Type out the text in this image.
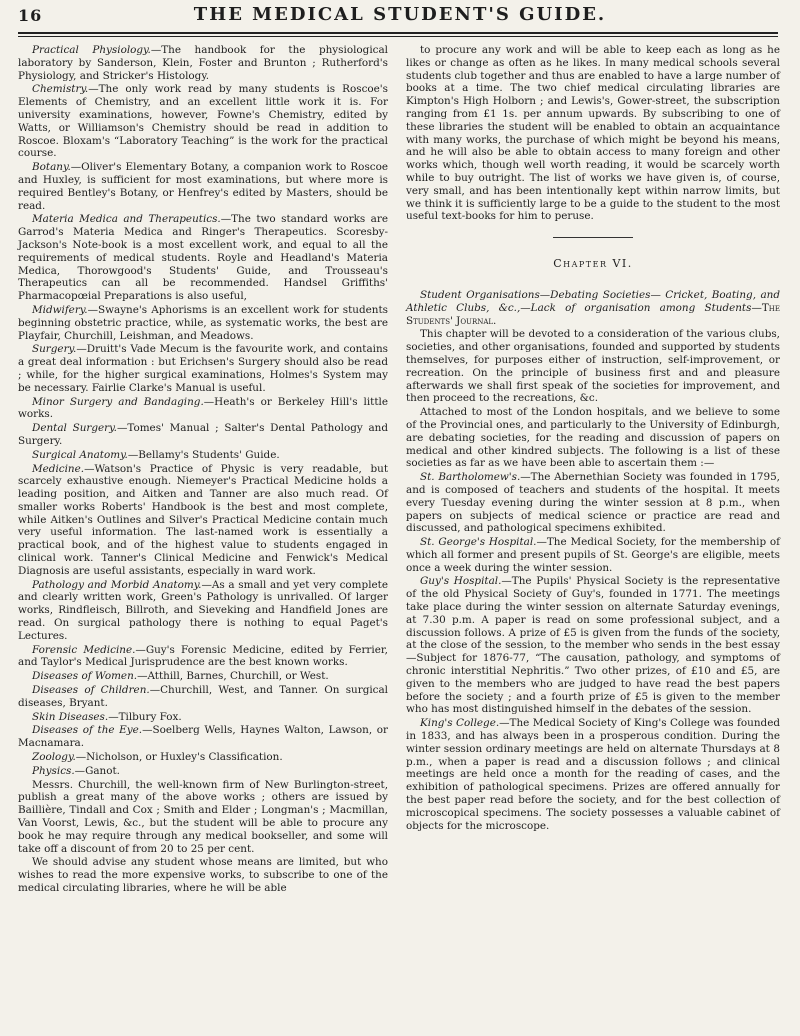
16	THE MEDICAL STUDENT'S GUIDE.

Practical Physiology.—The handbook for the physiological laboratory by Sanderson, Klein, Foster and Brunton ; Rutherford's Physiology, and Stricker's Histology.

Chemistry.—The only work read by many students is Roscoe's Elements of Chemistry, and an excellent little work it is. For university examinations, however, Fowne's Chemistry, edited by Watts, or Williamson's Chemistry should be read in addition to Roscoe. Bloxam's “Laboratory Teaching” is the work for the practical course.

Botany.—Oliver's Elementary Botany, a companion work to Roscoe and Huxley, is sufficient for most examinations, but where more is required Bentley's Botany, or Henfrey's edited by Masters, should be read.

Materia Medica and Therapeutics.—The two standard works are Garrod's Materia Medica and Ringer's Therapeutics. Scoresby-Jackson's Note-book is a most excellent work, and equal to all the requirements of medical students. Royle and Headland's Materia Medica, Thorowgood's Students' Guide, and Trousseau's Therapeutics can all be recommended. Handsel Griffiths' Pharmacopœial Preparations is also useful,

Midwifery.—Swayne's Aphorisms is an excellent work for students beginning obstetric practice, while, as systematic works, the best are Playfair, Churchill, Leishman, and Meadows.

Surgery.—Druitt's Vade Mecum is the favourite work, and contains a great deal information : but Erichsen's Surgery should also be read ; while, for the higher surgical examinations, Holmes's System may be necessary. Fairlie Clarke's Manual is useful.

Minor Surgery and Bandaging.—Heath's or Berkeley Hill's little works.

Dental Surgery.—Tomes' Manual ; Salter's Dental Pathology and Surgery.

Surgical Anatomy.—Bellamy's Students' Guide.

Medicine.—Watson's Practice of Physic is very readable, but scarcely exhaustive enough. Niemeyer's Practical Medicine holds a leading position, and Aitken and Tanner are also much read. Of smaller works Roberts' Handbook is the best and most complete, while Aitken's Outlines and Silver's Practical Medicine contain much very useful information. The last-named work is essentially a practical book, and of the highest value to students engaged in clinical work. Tanner's Clinical Medicine and Fenwick's Medical Diagnosis are useful assistants, especially in ward work.

Pathology and Morbid Anatomy.—As a small and yet very complete and clearly written work, Green's Pathology is unrivalled. Of larger works, Rindfleisch, Billroth, and Sieveking and Handfield Jones are read. On surgical pathology there is nothing to equal Paget's Lectures.

Forensic Medicine.—Guy's Forensic Medicine, edited by Ferrier, and Taylor's Medical Jurisprudence are the best known works.

Diseases of Women.—Atthill, Barnes, Churchill, or West.

Diseases of Children.—Churchill, West, and Tanner. On surgical diseases, Bryant.

Skin Diseases.—Tilbury Fox.

Diseases of the Eye.—Soelberg Wells, Haynes Walton, Lawson, or Macnamara.

Zoology.—Nicholson, or Huxley's Classification.

Physics.—Ganot.

Messrs. Churchill, the well-known firm of New Burlington-street, publish a great many of the above works ; others are issued by Baillière, Tindall and Cox ; Smith and Elder ; Longman's ; Macmillan, Van Voorst, Lewis, &c., but the student will be able to procure any book he may require through any medical bookseller, and some will take off a discount of from 20 to 25 per cent.

We should advise any student whose means are limited, but who wishes to read the more expensive works, to subscribe to one of the medical circulating libraries, where he will be able

to procure any work and will be able to keep each as long as he likes or change as often as he likes. In many medical schools several students club together and thus are enabled to have a large number of books at a time. The two chief medical circulating libraries are Kimpton's High Holborn ; and Lewis's, Gower-street, the subscription ranging from £1 1s. per annum upwards. By subscribing to one of these libraries the student will be enabled to obtain an acquaintance with many works, the purchase of which might be beyond his means, and he will also be able to obtain access to many foreign and other works which, though well worth reading, it would be scarcely worth while to buy outright. The list of works we have given is, of course, very small, and has been intentionally kept within narrow limits, but we think it is sufficiently large to be a guide to the student to the most useful text-books for him to peruse.

Chapter VI.

Student Organisations—Debating Societies— Cricket, Boating, and Athletic Clubs, &c.,—Lack of organisation among Students—The Students' Journal.

This chapter will be devoted to a consideration of the various clubs, societies, and other organisations, founded and supported by students themselves, for purposes either of instruction, self-improvement, or recreation. On the principle of business first and and pleasure afterwards we shall first speak of the societies for improvement, and then proceed to the recreations, &c.

Attached to most of the London hospitals, and we believe to some of the Provincial ones, and particularly to the University of Edinburgh, are debating societies, for the reading and discussion of papers on medical and other kindred subjects. The following is a list of these societies as far as we have been able to ascertain them :—

St. Bartholomew's.—The Abernethian Society was founded in 1795, and is composed of teachers and students of the hospital. It meets every Tuesday evening during the winter session at 8 p.m., when papers on subjects of medical science or practice are read and discussed, and pathological specimens exhibited.

St. George's Hospital.—The Medical Society, for the membership of which all former and present pupils of St. George's are eligible, meets once a week during the winter session.

Guy's Hospital.—The Pupils' Physical Society is the representative of the old Physical Society of Guy's, founded in 1771. The meetings take place during the winter session on alternate Saturday evenings, at 7.30 p.m. A paper is read on some professional subject, and a discussion follows. A prize of £5 is given from the funds of the society, at the close of the session, to the member who sends in the best essay—Subject for 1876-77, “The causation, pathology, and symptoms of chronic interstitial Nephritis.” Two other prizes, of £10 and £5, are given to the members who are judged to have read the best papers before the society ; and a fourth prize of £5 is given to the member who has most distinguished himself in the debates of the session.

King's College.—The Medical Society of King's College was founded in 1833, and has always been in a prosperous condition. During the winter session ordinary meetings are held on alternate Thursdays at 8 p.m., when a paper is read and a discussion follows ; and clinical meetings are held once a month for the reading of cases, and the exhibition of pathological specimens. Prizes are offered annually for the best paper read before the society, and for the best collection of microscopical specimens. The society possesses a valuable cabinet of objects for the microscope.
